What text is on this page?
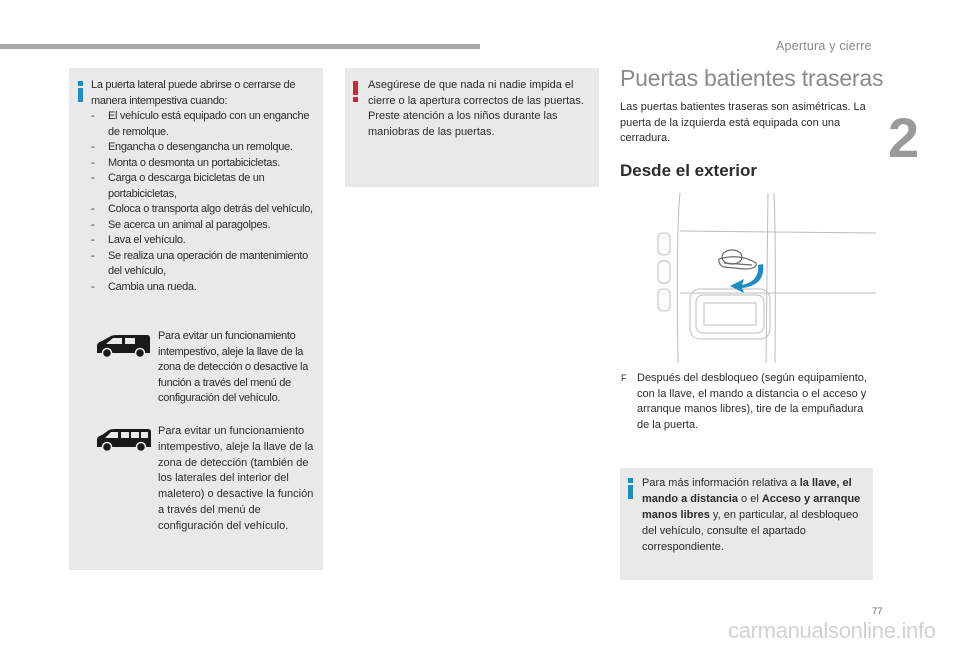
Apertura y cierre
2
La puerta lateral puede abrirse o cerrarse de manera intempestiva cuando:
- El vehículo está equipado con un enganche de remolque.
- Engancha o desengancha un remolque.
- Monta o desmonta un portabicicletas.
- Carga o descarga bicicletas de un portabicicletas,
- Coloca o transporta algo detrás del vehículo,
- Se acerca un animal al paragolpes.
- Lava el vehículo.
- Se realiza una operación de mantenimiento del vehículo,
- Cambia una rueda.
Para evitar un funcionamiento intempestivo, aleje la llave de la zona de detección o desactive la función a través del menú de configuración del vehículo.
Para evitar un funcionamiento intempestivo, aleje la llave de la zona de detección (también de los laterales del interior del maletero) o desactive la función a través del menú de configuración del vehículo.
Asegúrese de que nada ni nadie impida el cierre o la apertura correctos de las puertas.
Preste atención a los niños durante las maniobras de las puertas.
Puertas batientes traseras
Las puertas batientes traseras son asimétricas. La puerta de la izquierda está equipada con una cerradura.
Desde el exterior
F Después del desbloqueo (según equipamiento, con la llave, el mando a distancia o el acceso y arranque manos libres), tire de la empuñadura de la puerta.
Para más información relativa a la llave, el mando a distancia o el Acceso y arranque manos libres y, en particular, al desbloqueo del vehículo, consulte el apartado correspondiente.
77
carmanualsonline.info
